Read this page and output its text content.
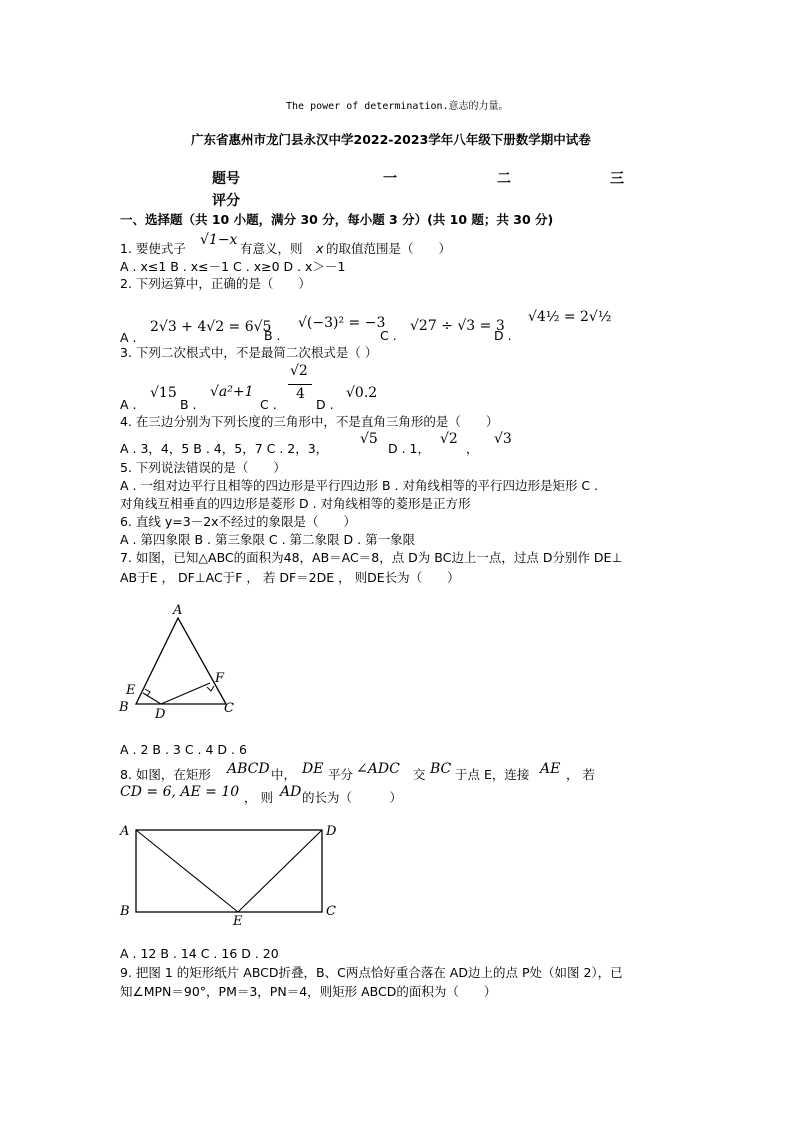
The power of determination.意志的力量。
广东省惠州市龙门县永汉中学2022-2023学年八年级下册数学期中试卷
题号	一	二	三
评分
一、选择题（共 10 小题，满分 30 分，每小题 3 分）(共 10 题；共 30 分)
1. 要使式子
√1−x
有意义，则 x 的取值范围是（　　）
A . x≤1 B . x≤－1 C . x≥0 D . x＞－1
2. 下列运算中，正确的是（　　）
A .
2√3 + 4√2 = 6√5
B .
√(−3)² = −3
C .
√27 ÷ √3 = 3
D .
√4½ = 2√½
3. 下列二次根式中，不是最简二次根式是（ ）
A .
√15
B .
√a²+1
C .
√2
4
D .
√0.2
4. 在三边分别为下列长度的三角形中，不是直角三角形的是（　　）
A . 3，4，5 B . 4，5，7 C . 2，3，
√5
D . 1，
√2
，
√3
5. 下列说法错误的是（　　）
A . 一组对边平行且相等的四边形是平行四边形 B . 对角线相等的平行四边形是矩形 C .
对角线互相垂直的四边形是菱形 D . 对角线相等的菱形是正方形
6. 直线 y=3－2x不经过的象限是（　　）
A . 第四象限 B . 第三象限 C . 第二象限 D . 第一象限
7. 如图，已知△ABC的面积为48，AB＝AC＝8，点 D为 BC边上一点，过点 D分别作 DE⊥
AB于E ， DF⊥AC于F ， 若 DF＝2DE ， 则DE长为（　　）
A
B	C
D
E
F
A . 2 B . 3 C . 4 D . 6
8. 如图，在矩形 ABCD 中， DE 平分 ∠ADC 交 BC 于点 E，连接 AE ， 若
CD = 6, AE = 10 ， 则 AD 的长为（　　　）
A	D
B	C
E
A . 12 B . 14 C . 16 D . 20
9. 把图 1 的矩形纸片 ABCD折叠，B、C两点恰好重合落在 AD边上的点 P处（如图 2），已
知∠MPN＝90°，PM＝3，PN＝4，则矩形 ABCD的面积为（　　）
